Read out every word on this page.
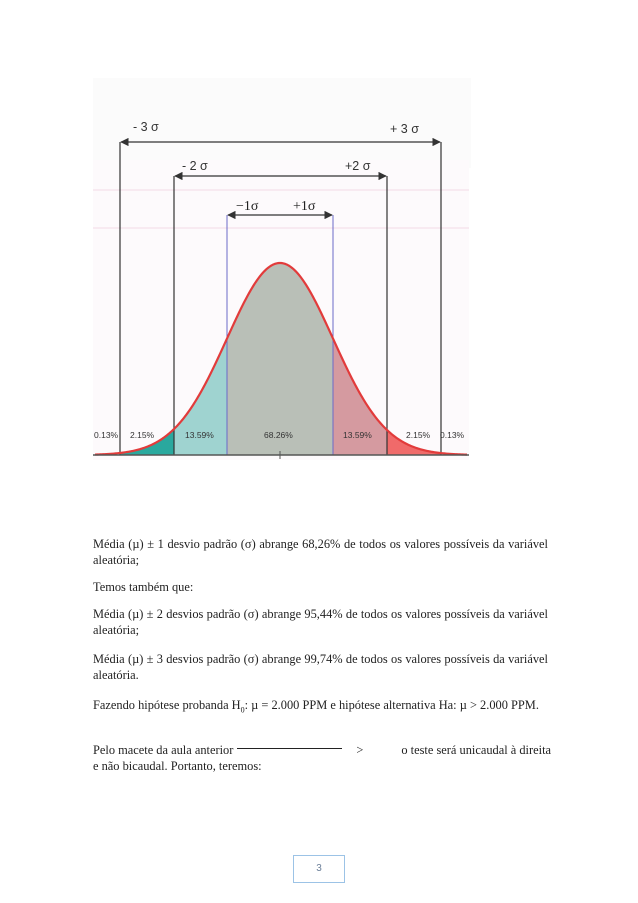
- 3 σ	+ 3 σ
- 2 σ	+2 σ
−1σ +1σ
0.13% 2.15%	13.59%	68.26%	13.59%	2.15% 0.13%

Média (µ) ± 1 desvio padrão (σ) abrange 68,26% de todos os valores possíveis da variável aleatória;

Temos também que:

Média (µ) ± 2 desvios padrão (σ) abrange 95,44% de todos os valores possíveis da variável aleatória;

Média (µ) ± 3 desvios padrão (σ) abrange 99,74% de todos os valores possíveis da variável aleatória.

Fazendo hipótese probanda $H_0$: µ = 2.000 PPM e hipótese alternativa Ha: µ > 2.000 PPM.

Pelo macete da aula anterior	>	o teste será unicaudal à direita
e não bicaudal. Portanto, teremos:
3
